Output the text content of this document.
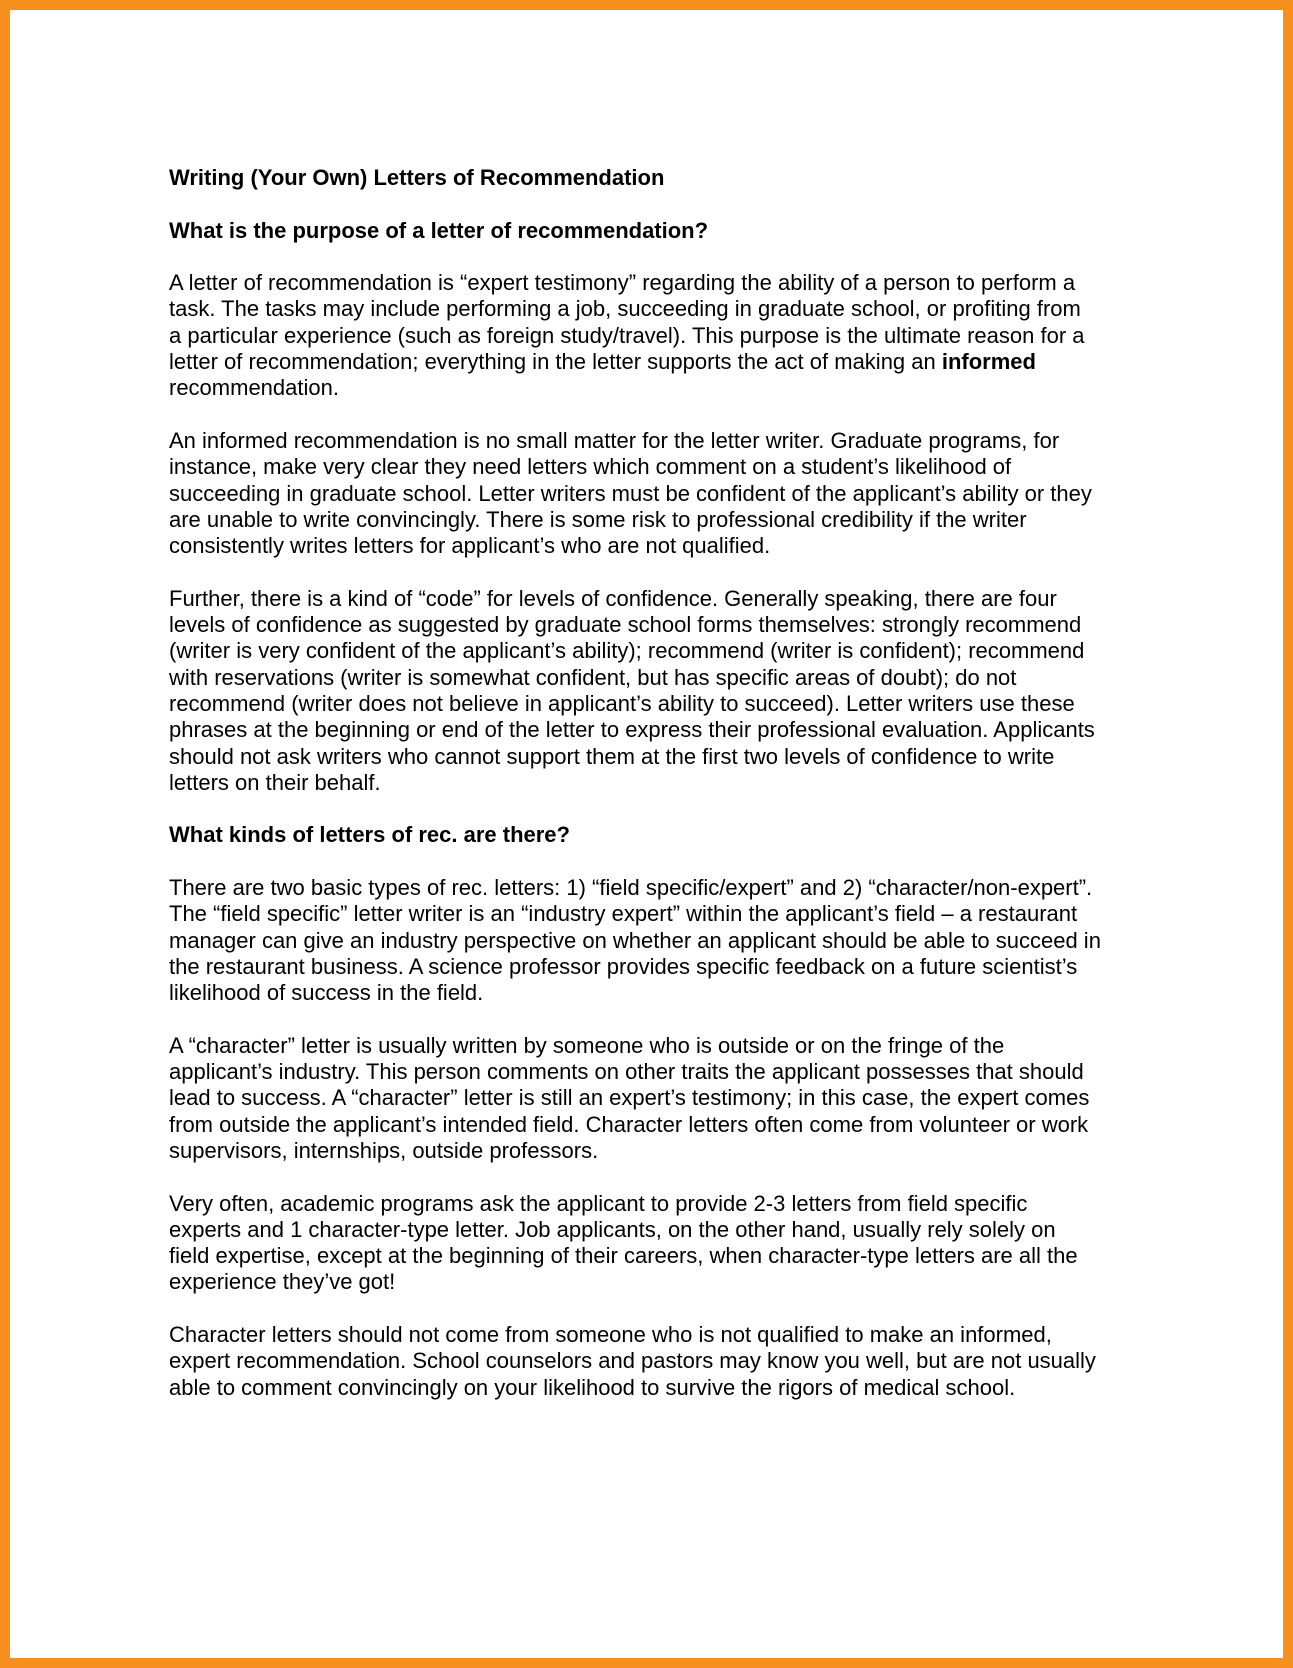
Writing (Your Own) Letters of Recommendation
What is the purpose of a letter of recommendation?

A letter of recommendation is “expert testimony” regarding the ability of a person to perform a
task. The tasks may include performing a job, succeeding in graduate school, or profiting from
a particular experience (such as foreign study/travel). This purpose is the ultimate reason for a
letter of recommendation; everything in the letter supports the act of making an informed
recommendation.

An informed recommendation is no small matter for the letter writer. Graduate programs, for
instance, make very clear they need letters which comment on a student’s likelihood of
succeeding in graduate school. Letter writers must be confident of the applicant’s ability or they
are unable to write convincingly. There is some risk to professional credibility if the writer
consistently writes letters for applicant’s who are not qualified.

Further, there is a kind of “code” for levels of confidence. Generally speaking, there are four
levels of confidence as suggested by graduate school forms themselves: strongly recommend
(writer is very confident of the applicant’s ability); recommend (writer is confident); recommend
with reservations (writer is somewhat confident, but has specific areas of doubt); do not
recommend (writer does not believe in applicant’s ability to succeed). Letter writers use these
phrases at the beginning or end of the letter to express their professional evaluation. Applicants
should not ask writers who cannot support them at the first two levels of confidence to write
letters on their behalf.

What kinds of letters of rec. are there?

There are two basic types of rec. letters: 1) “field specific/expert” and 2) “character/non-expert”.
The “field specific” letter writer is an “industry expert” within the applicant’s field – a restaurant
manager can give an industry perspective on whether an applicant should be able to succeed in
the restaurant business. A science professor provides specific feedback on a future scientist’s
likelihood of success in the field.

A “character” letter is usually written by someone who is outside or on the fringe of the
applicant’s industry. This person comments on other traits the applicant possesses that should
lead to success. A “character” letter is still an expert’s testimony; in this case, the expert comes
from outside the applicant’s intended field. Character letters often come from volunteer or work
supervisors, internships, outside professors.

Very often, academic programs ask the applicant to provide 2-3 letters from field specific
experts and 1 character-type letter. Job applicants, on the other hand, usually rely solely on
field expertise, except at the beginning of their careers, when character-type letters are all the
experience they’ve got!

Character letters should not come from someone who is not qualified to make an informed,
expert recommendation. School counselors and pastors may know you well, but are not usually
able to comment convincingly on your likelihood to survive the rigors of medical school.
